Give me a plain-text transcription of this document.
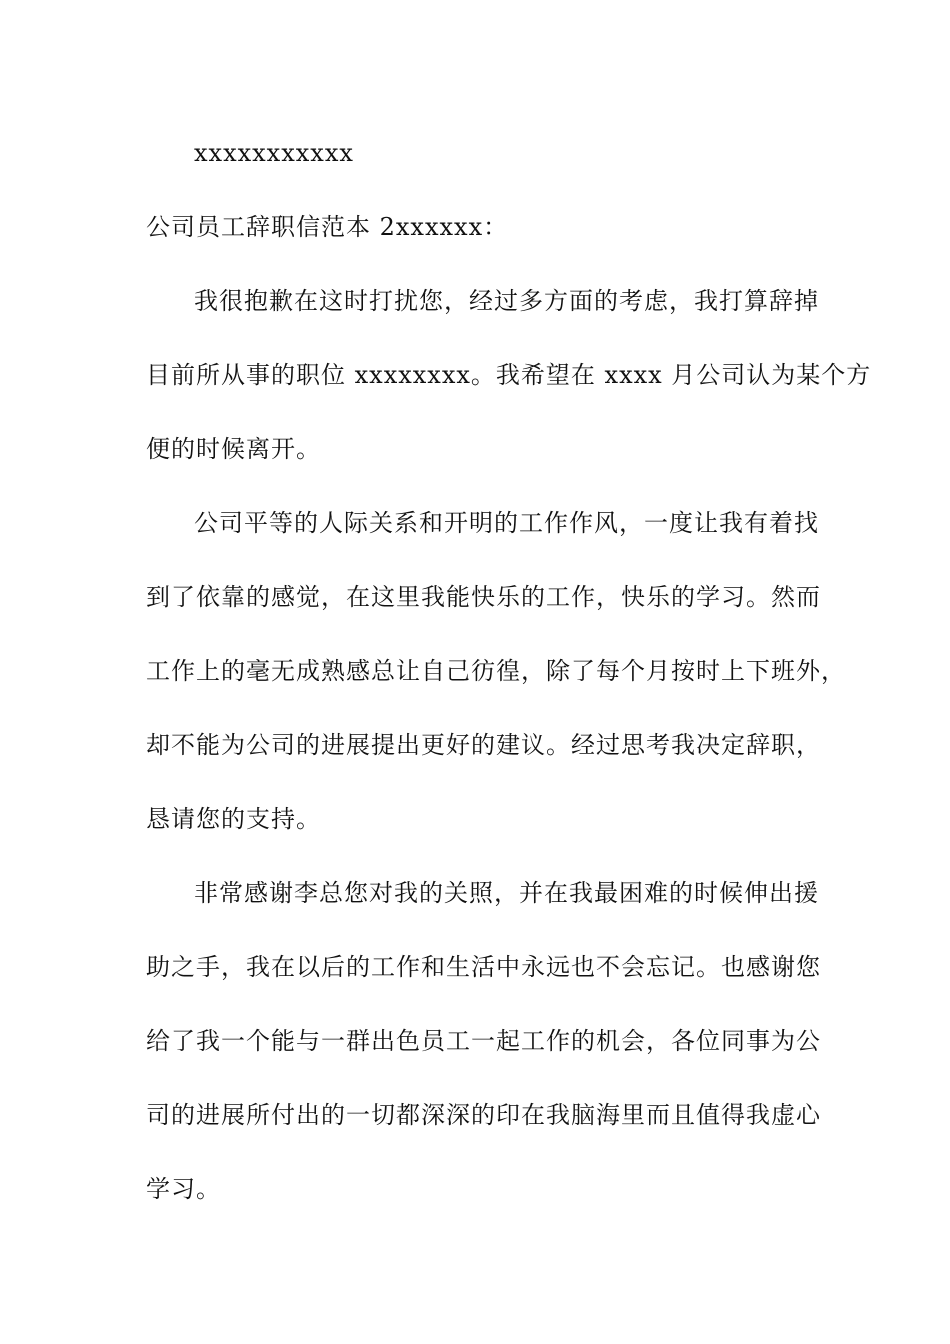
xxxxxxxxxxx
公司员工辞职信范本 2xxxxxx：
我很抱歉在这时打扰您，经过多方面的考虑，我打算辞掉
目前所从事的职位 xxxxxxxx。我希望在 xxxx 月公司认为某个方
便的时候离开。
公司平等的人际关系和开明的工作作风，一度让我有着找
到了依靠的感觉，在这里我能快乐的工作，快乐的学习。然而
工作上的毫无成熟感总让自己彷徨，除了每个月按时上下班外，
却不能为公司的进展提出更好的建议。经过思考我决定辞职，
恳请您的支持。
非常感谢李总您对我的关照，并在我最困难的时候伸出援
助之手，我在以后的工作和生活中永远也不会忘记。也感谢您
给了我一个能与一群出色员工一起工作的机会，各位同事为公
司的进展所付出的一切都深深的印在我脑海里而且值得我虚心
学习。
